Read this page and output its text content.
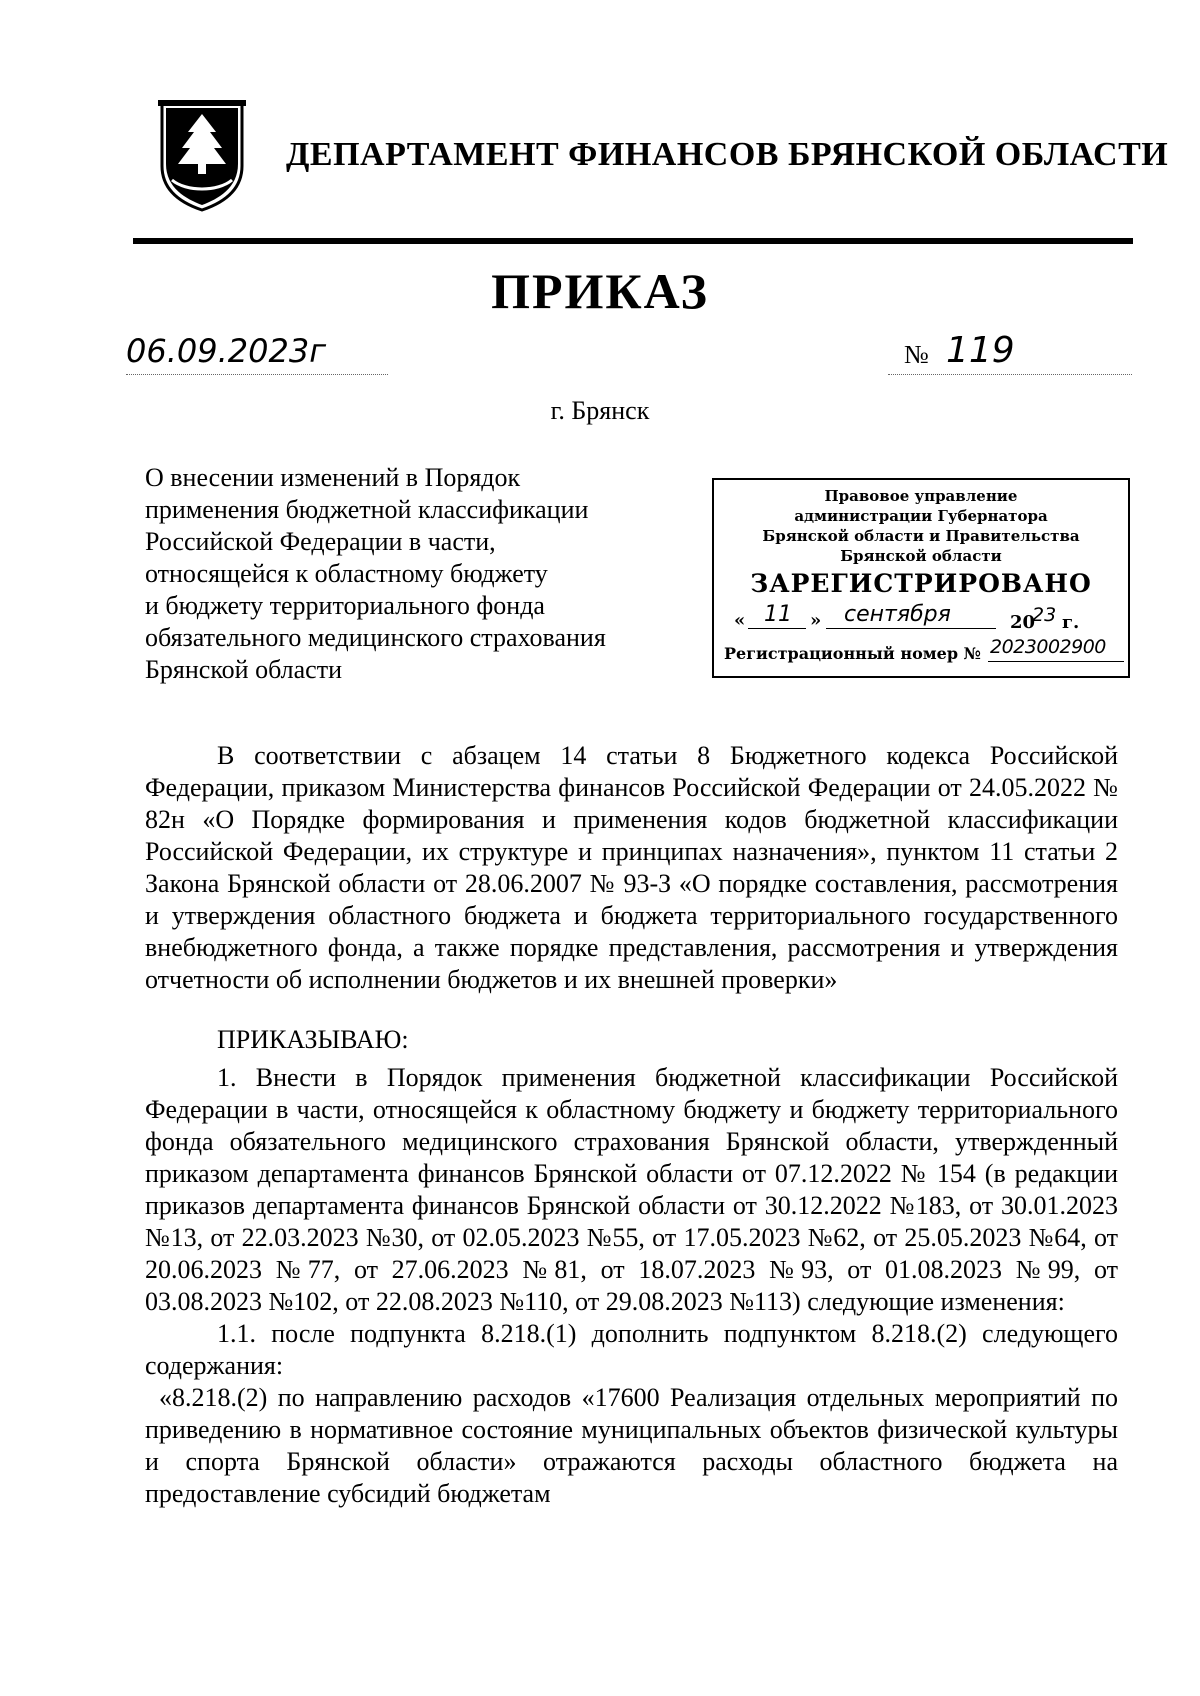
ДЕПАРТАМЕНТ ФИНАНСОВ БРЯНСКОЙ ОБЛАСТИ
ПРИКАЗ
06.09.2023г	№ 119

г. Брянск

О внесении изменений в Порядок
применения бюджетной классификации
Российской Федерации в части,
относящейся к областному бюджету
и бюджету территориального фонда
обязательного медицинского страхования
Брянской области

Правовое управление
администрации Губернатора
Брянской области и Правительства
Брянской области
ЗАРЕГИСТРИРОВАНО
« 11 » сентября	20
23 г.
Регистрационный номер № 2023002900

В соответствии с абзацем 14 статьи 8 Бюджетного кодекса Российской Федерации, приказом Министерства финансов Российской Федерации от 24.05.2022 № 82н «О Порядке формирования и применения кодов бюджетной классификации Российской Федерации, их структуре и принципах назначения», пунктом 11 статьи 2 Закона Брянской области от 28.06.2007 № 93-З «О порядке составления, рассмотрения и утверждения областного бюджета и бюджета территориального государственного внебюджетного фонда, а также порядке представления, рассмотрения и утверждения отчетности об исполнении бюджетов и их внешней проверки»

ПРИКАЗЫВАЮ:

1. Внести в Порядок применения бюджетной классификации Российской Федерации в части, относящейся к областному бюджету и бюджету территориального фонда обязательного медицинского страхования Брянской области, утвержденный приказом департамента финансов Брянской области от 07.12.2022 № 154 (в редакции приказов департамента финансов Брянской области от 30.12.2022 №183, от 30.01.2023 №13, от 22.03.2023 №30, от 02.05.2023 №55, от 17.05.2023 №62, от 25.05.2023 №64, от 20.06.2023 №77, от 27.06.2023 №81, от 18.07.2023 №93, от 01.08.2023 №99, от 03.08.2023 №102, от 22.08.2023 №110, от 29.08.2023 №113) следующие изменения:

1.1. после подпункта 8.218.(1) дополнить подпунктом 8.218.(2) следующего содержания:

«8.218.(2) по направлению расходов «17600 Реализация отдельных мероприятий по приведению в нормативное состояние муниципальных объектов физической культуры и спорта Брянской области» отражаются расходы областного бюджета на предоставление субсидий бюджетам
